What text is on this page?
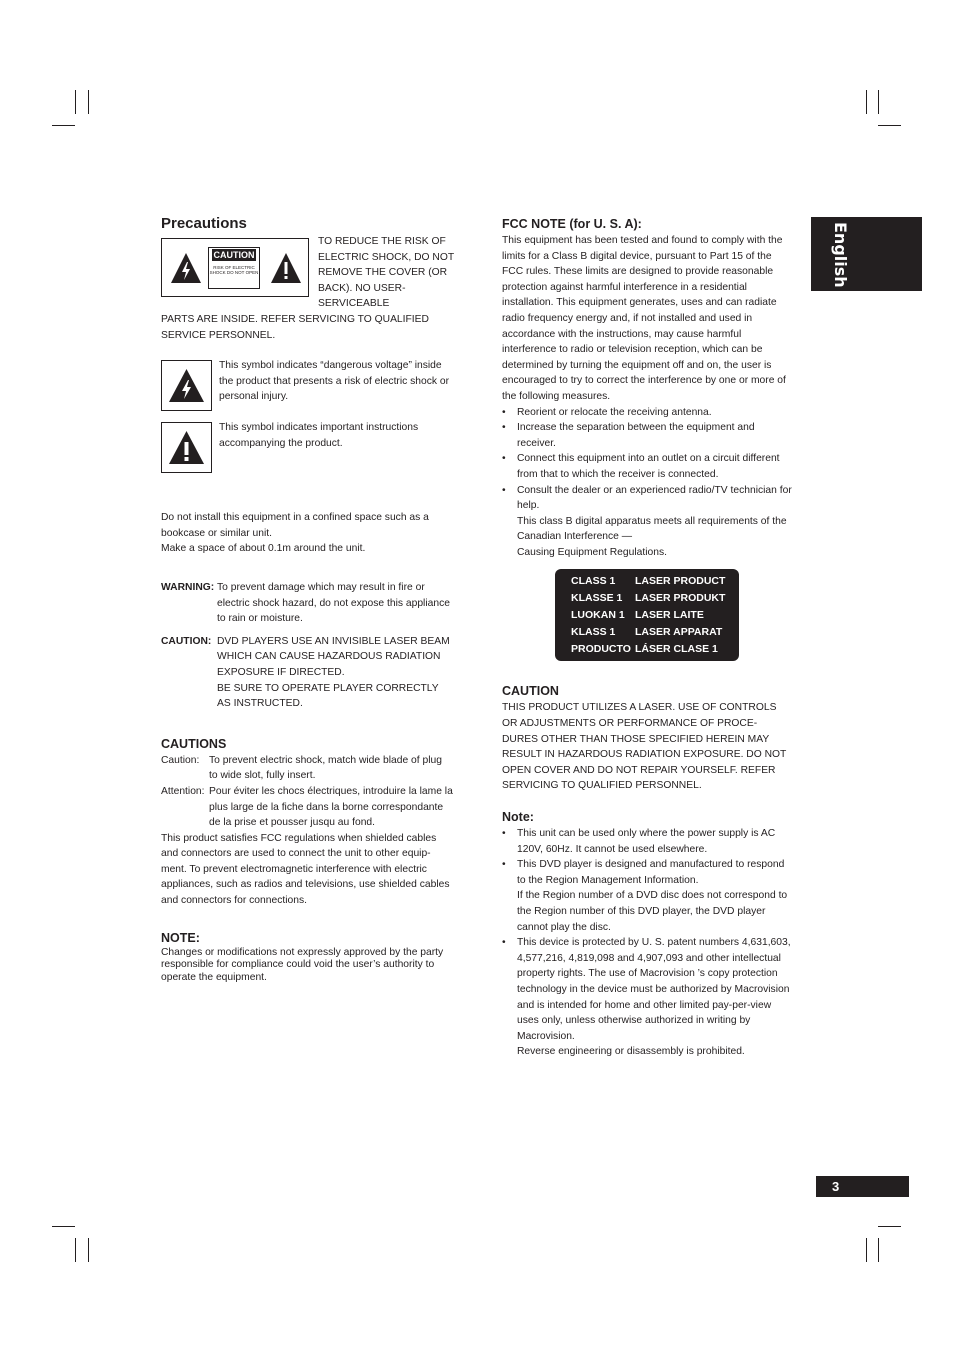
Precautions
CAUTION
RISK OF ELECTRIC SHOCK DO NOT OPEN

TO REDUCE THE RISK OF ELECTRIC SHOCK, DO NOT REMOVE THE COVER (OR BACK). NO USER-SERVICEABLE

PARTS ARE INSIDE. REFER SERVICING TO QUALIFIED SERVICE PERSONNEL.

This symbol indicates “dangerous voltage” inside the product that presents a risk of electric shock or personal injury.

This symbol indicates important instructions accompanying the product.

Do not install this equipment in a confined space such as a bookcase or similar unit.

Make a space of about 0.1m around the unit.

WARNING: To prevent damage which may result in fire or electric shock hazard, do not expose this appliance to rain or moisture.
CAUTION: DVD PLAYERS USE AN INVISIBLE LASER BEAM WHICH CAN CAUSE HAZARDOUS RADIATION EXPOSURE IF DIRECTED.
BE SURE TO OPERATE PLAYER CORRECTLY AS INSTRUCTED.
CAUTIONS
Caution: To prevent electric shock, match wide blade of plug to wide slot, fully insert.
Attention: Pour éviter les chocs électriques, introduire la lame la plus large de la fiche dans la borne correspondante de la prise et pousser jusqu au fond.

This product satisfies FCC regulations when shielded cables and connectors are used to connect the unit to other equip- ment. To prevent electromagnetic interference with electric appliances, such as radios and televisions, use shielded cables and connectors for connections.

NOTE:

Changes or modifications not expressly approved by the party responsible for compliance could void the user’s authority to operate the equipment.

FCC NOTE (for U. S. A):

This equipment has been tested and found to comply with the limits for a Class B digital device, pursuant to Part 15 of the FCC rules. These limits are designed to provide reasonable protection against harmful interference in a residential installation. This equipment generates, uses and can radiate radio frequency energy and, if not installed and used in accordance with the instructions, may cause harmful interference to radio or television reception, which can be determined by turning the equipment off and on, the user is encouraged to try to correct the interference by one or more of the following measures.

• Reorient or relocate the receiving antenna.
• Increase the separation between the equipment and receiver.
• Connect this equipment into an outlet on a circuit different from that to which the receiver is connected.
• Consult the dealer or an experienced radio/TV technician for help.

This class B digital apparatus meets all requirements of the Canadian Interference —

Causing Equipment Regulations.

CLASS 1	LASER PRODUCT
KLASSE 1	LASER PRODUKT
LUOKAN 1 LASER LAITE
KLASS 1	LASER APPARAT
PRODUCTO LÁSER CLASE 1
CAUTION

THIS PRODUCT UTILIZES A LASER. USE OF CONTROLS OR ADJUSTMENTS OR PERFORMANCE OF PROCE- DURES OTHER THAN THOSE SPECIFIED HEREIN MAY RESULT IN HAZARDOUS RADIATION EXPOSURE. DO NOT OPEN COVER AND DO NOT REPAIR YOURSELF. REFER SERVICING TO QUALIFIED PERSONNEL.

Note:
• This unit can be used only where the power supply is AC 120V, 60Hz. It cannot be used elsewhere.
• This DVD player is designed and manufactured to respond to the Region Management Information.
If the Region number of a DVD disc does not correspond to the Region number of this DVD player, the DVD player cannot play the disc.
• This device is protected by U. S. patent numbers 4,631,603, 4,577,216, 4,819,098 and 4,907,093 and other intellectual property rights. The use of Macrovision ’s copy protection technology in the device must be authorized by Macrovision and is intended for home and other limited pay-per-view uses only, unless otherwise authorized in writing by Macrovision.
Reverse engineering or disassembly is prohibited.
English
3
